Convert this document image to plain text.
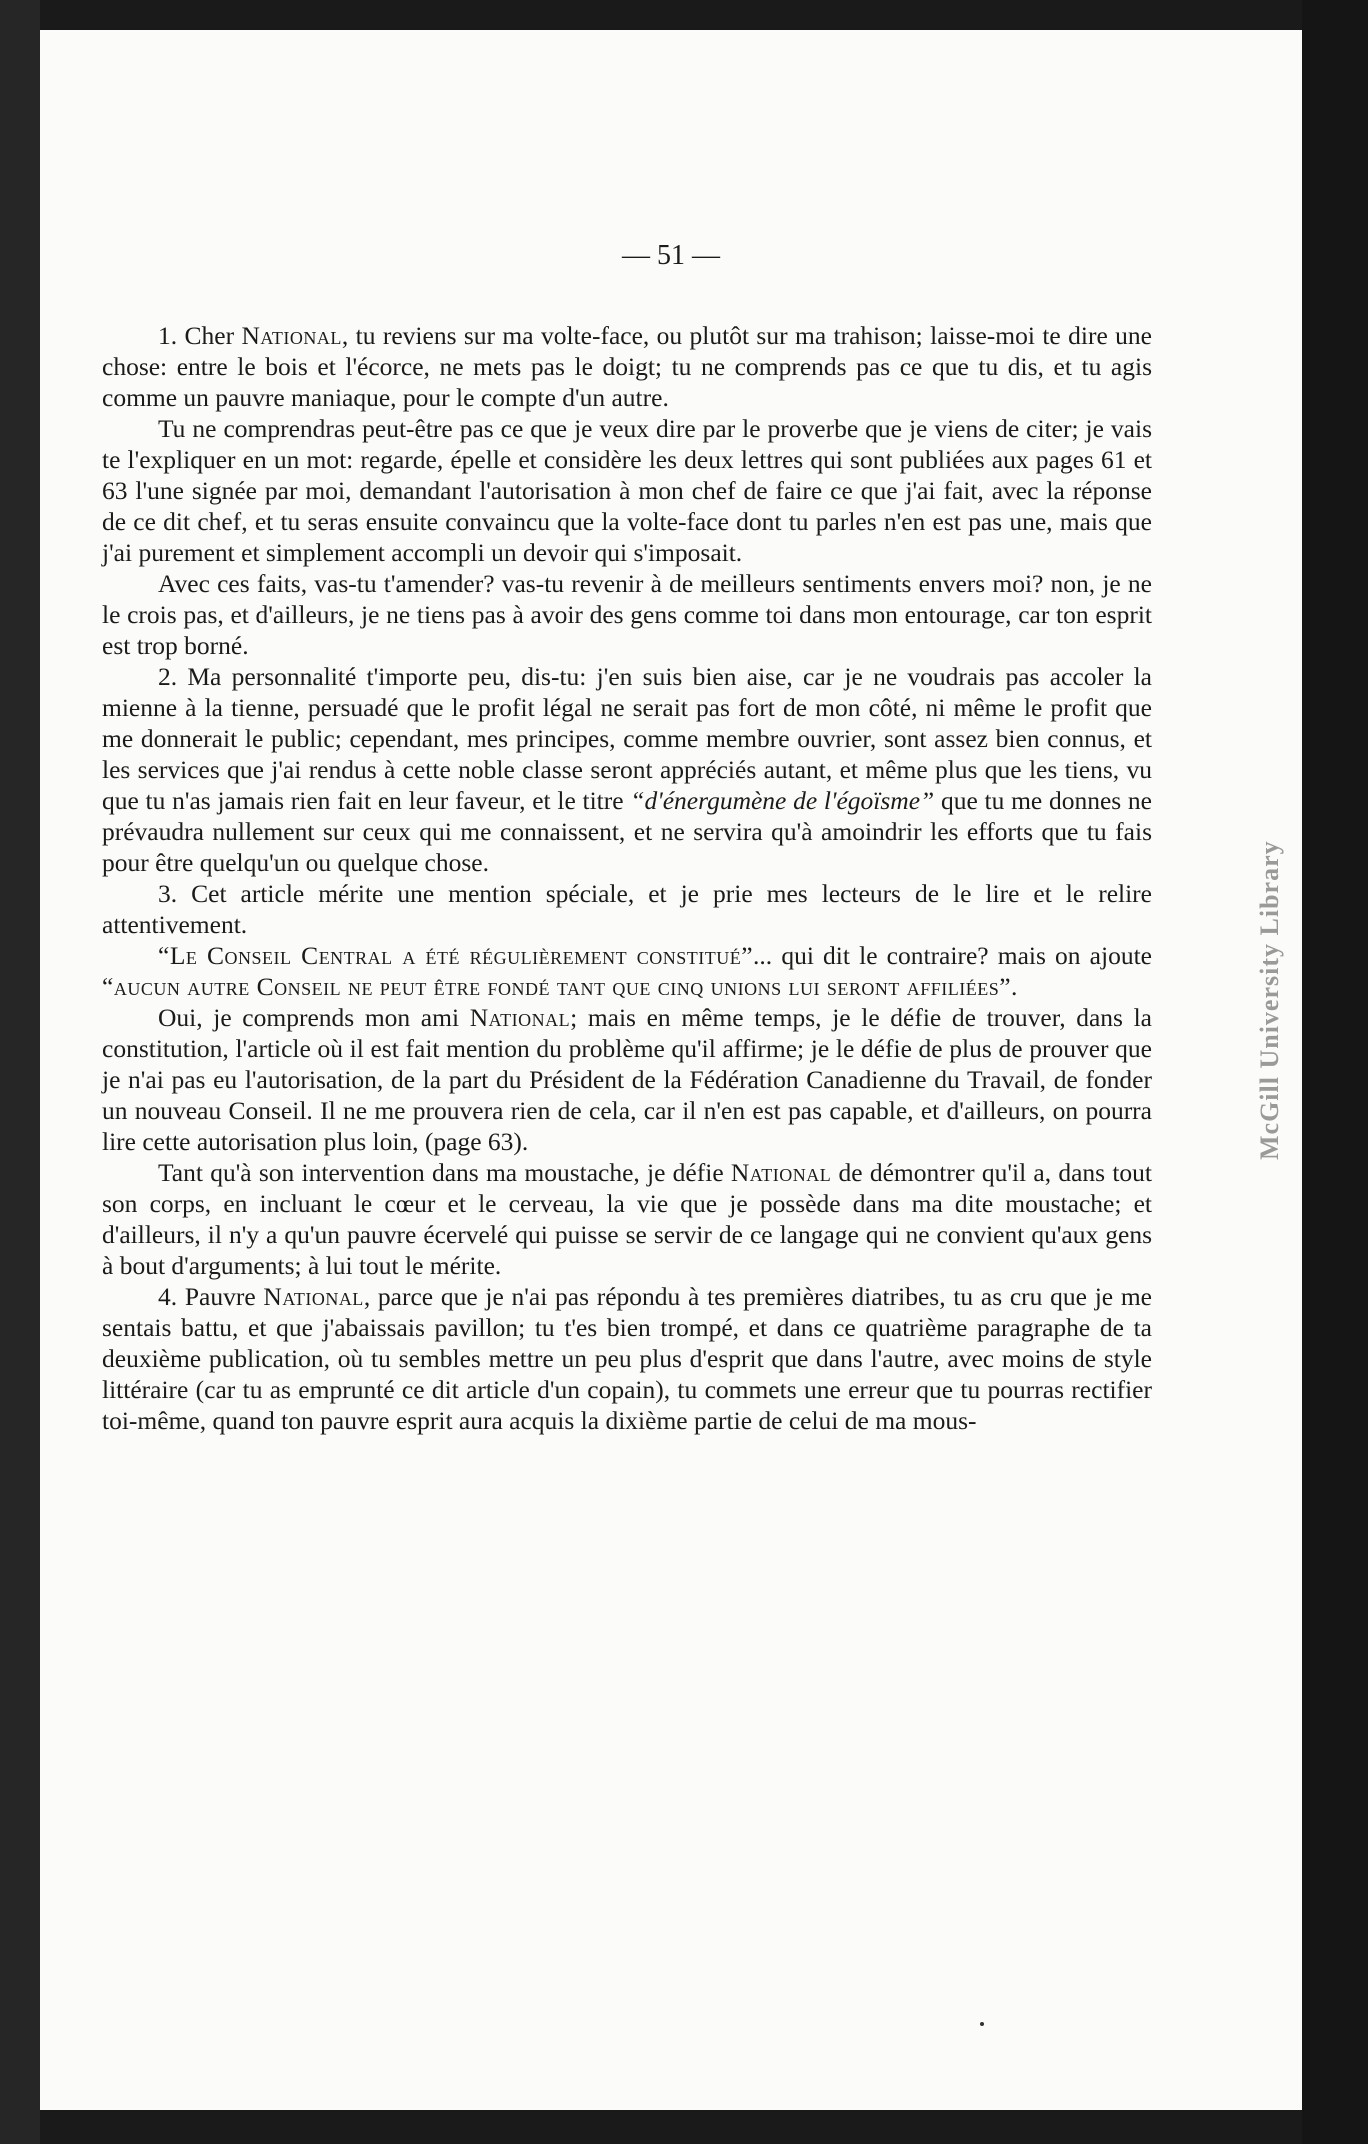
— 51 —

1. Cher National, tu reviens sur ma volte-face, ou plutôt sur ma trahison; laisse-moi te dire une chose: entre le bois et l'écorce, ne mets pas le doigt; tu ne comprends pas ce que tu dis, et tu agis comme un pauvre maniaque, pour le compte d'un autre.

Tu ne comprendras peut-être pas ce que je veux dire par le proverbe que je viens de citer; je vais te l'expliquer en un mot: regarde, épelle et considère les deux lettres qui sont publiées aux pages 61 et 63 l'une signée par moi, demandant l'autorisation à mon chef de faire ce que j'ai fait, avec la réponse de ce dit chef, et tu seras ensuite convaincu que la volte-face dont tu parles n'en est pas une, mais que j'ai purement et simplement accompli un devoir qui s'imposait.

Avec ces faits, vas-tu t'amender? vas-tu revenir à de meilleurs sentiments envers moi? non, je ne le crois pas, et d'ailleurs, je ne tiens pas à avoir des gens comme toi dans mon entourage, car ton esprit est trop borné.

2. Ma personnalité t'importe peu, dis-tu: j'en suis bien aise, car je ne voudrais pas accoler la mienne à la tienne, persuadé que le profit légal ne serait pas fort de mon côté, ni même le profit que me donnerait le public; cependant, mes principes, comme membre ouvrier, sont assez bien connus, et les services que j'ai rendus à cette noble classe seront appréciés autant, et même plus que les tiens, vu que tu n'as jamais rien fait en leur faveur, et le titre “d'énergumène de l'égoïsme” que tu me donnes ne prévaudra nullement sur ceux qui me connaissent, et ne servira qu'à amoindrir les efforts que tu fais pour être quelqu'un ou quelque chose.

3. Cet article mérite une mention spéciale, et je prie mes lecteurs de le lire et le relire attentivement.

“Le Conseil Central a été régulièrement constitué”... qui dit le contraire? mais on ajoute “aucun autre Conseil ne peut être fondé tant que cinq unions lui seront affiliées”.

Oui, je comprends mon ami National; mais en même temps, je le défie de trouver, dans la constitution, l'article où il est fait mention du problème qu'il affirme; je le défie de plus de prouver que je n'ai pas eu l'autorisation, de la part du Président de la Fédération Canadienne du Travail, de fonder un nouveau Conseil. Il ne me prouvera rien de cela, car il n'en est pas capable, et d'ailleurs, on pourra lire cette autorisation plus loin, (page 63).

Tant qu'à son intervention dans ma moustache, je défie National de démontrer qu'il a, dans tout son corps, en incluant le cœur et le cerveau, la vie que je possède dans ma dite moustache; et d'ailleurs, il n'y a qu'un pauvre écervelé qui puisse se servir de ce langage qui ne convient qu'aux gens à bout d'arguments; à lui tout le mérite.

4. Pauvre National, parce que je n'ai pas répondu à tes premières diatribes, tu as cru que je me sentais battu, et que j'abaissais pavillon; tu t'es bien trompé, et dans ce quatrième paragraphe de ta deuxième publication, où tu sembles mettre un peu plus d'esprit que dans l'autre, avec moins de style littéraire (car tu as emprunté ce dit article d'un copain), tu commets une erreur que tu pourras rectifier toi-même, quand ton pauvre esprit aura acquis la dixième partie de celui de ma mous-

McGill University Library
